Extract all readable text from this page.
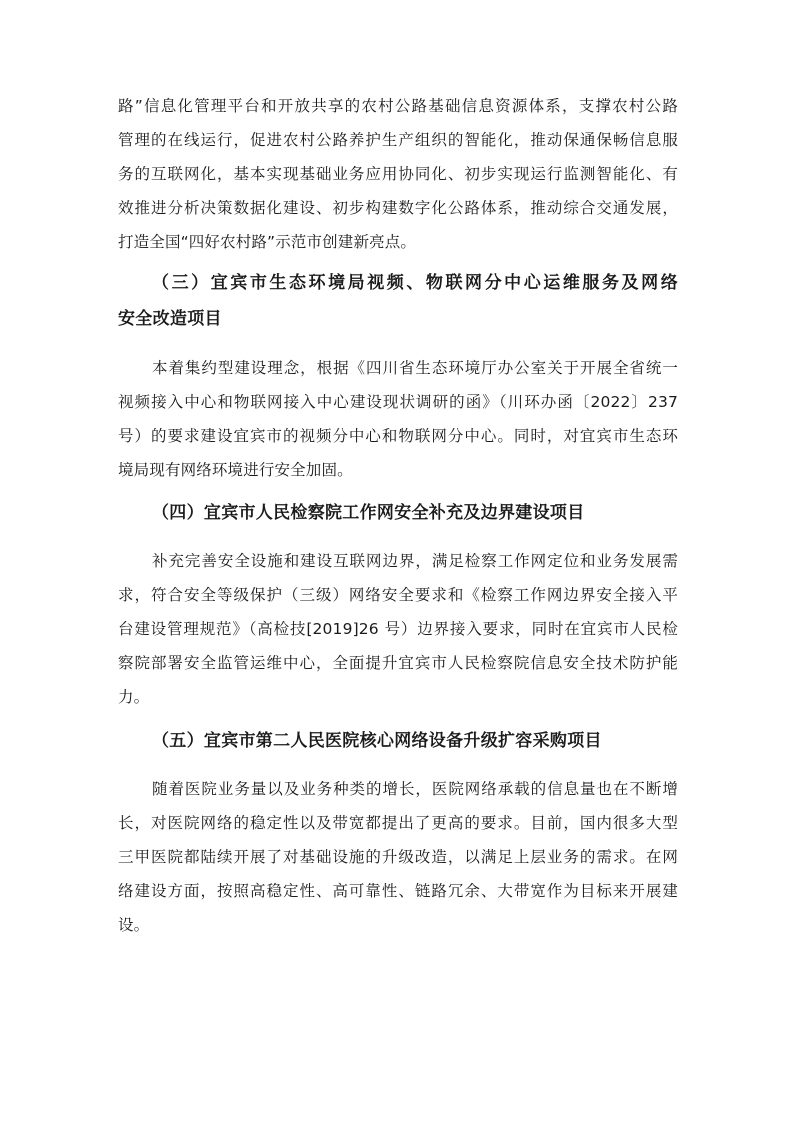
路”信息化管理平台和开放共享的农村公路基础信息资源体系，支撑农村公路
管理的在线运行，促进农村公路养护生产组织的智能化，推动保通保畅信息服
务的互联网化，基本实现基础业务应用协同化、初步实现运行监测智能化、有
效推进分析决策数据化建设、初步构建数字化公路体系，推动综合交通发展，
打造全国“四好农村路”示范市创建新亮点。
（三）宜宾市生态环境局视频、物联网分中心运维服务及网络
安全改造项目
本着集约型建设理念，根据《四川省生态环境厅办公室关于开展全省统一
视频接入中心和物联网接入中心建设现状调研的函》（川环办函〔2022〕237
号）的要求建设宜宾市的视频分中心和物联网分中心。同时，对宜宾市生态环
境局现有网络环境进行安全加固。
（四）宜宾市人民检察院工作网安全补充及边界建设项目
补充完善安全设施和建设互联网边界，满足检察工作网定位和业务发展需
求，符合安全等级保护（三级）网络安全要求和《检察工作网边界安全接入平
台建设管理规范》（高检技[2019]26 号）边界接入要求，同时在宜宾市人民检
察院部署安全监管运维中心，全面提升宜宾市人民检察院信息安全技术防护能
力。
（五）宜宾市第二人民医院核心网络设备升级扩容采购项目
随着医院业务量以及业务种类的增长，医院网络承载的信息量也在不断增
长，对医院网络的稳定性以及带宽都提出了更高的要求。目前，国内很多大型
三甲医院都陆续开展了对基础设施的升级改造，以满足上层业务的需求。在网
络建设方面，按照高稳定性、高可靠性、链路冗余、大带宽作为目标来开展建
设。
